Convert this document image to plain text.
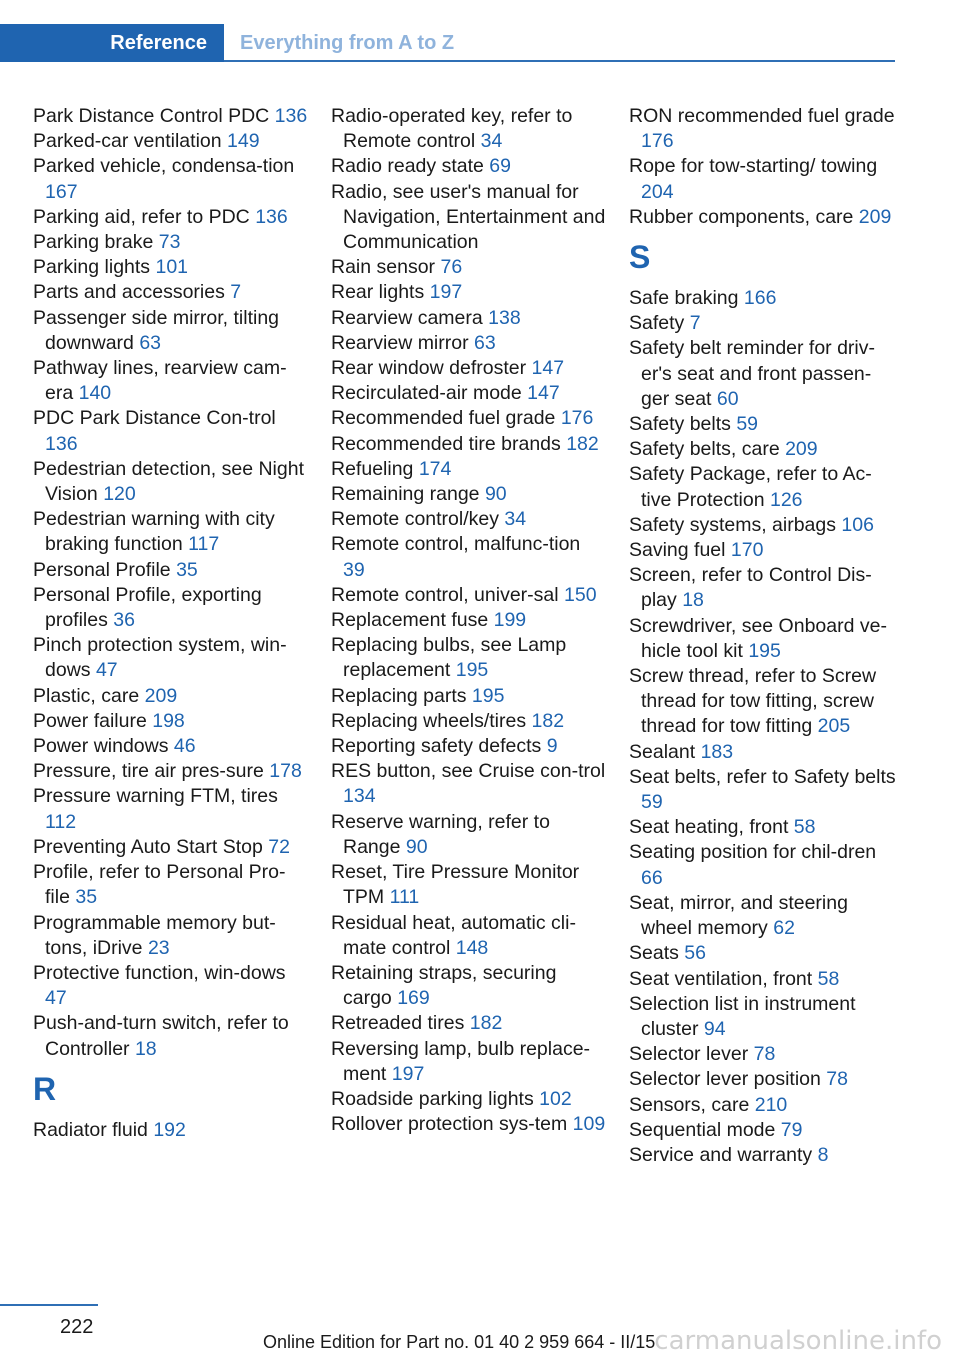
Reference	Everything from A to Z
Park Distance Control PDC 136
Parked-car ventilation 149
Parked vehicle, condensa-tion 167
Parking aid, refer to PDC 136
Parking brake 73
Parking lights 101
Parts and accessories 7
Passenger side mirror, tilting downward 63
Pathway lines, rearview cam-era 140
PDC Park Distance Con-trol 136
Pedestrian detection, see Night Vision 120
Pedestrian warning with city braking function 117
Personal Profile 35
Personal Profile, exporting profiles 36
Pinch protection system, win-dows 47
Plastic, care 209
Power failure 198
Power windows 46
Pressure, tire air pres-sure 178
Pressure warning FTM, tires 112
Preventing Auto Start Stop 72
Profile, refer to Personal Pro-file 35
Programmable memory but-tons, iDrive 23
Protective function, win-dows 47
Push-and-turn switch, refer to Controller 18
R
Radiator fluid 192
Radio-operated key, refer to Remote control 34
Radio ready state 69
Radio, see user's manual for Navigation, Entertainment and Communication
Rain sensor 76
Rear lights 197
Rearview camera 138
Rearview mirror 63
Rear window defroster 147
Recirculated-air mode 147
Recommended fuel grade 176
Recommended tire brands 182
Refueling 174
Remaining range 90
Remote control/key 34
Remote control, malfunc-tion 39
Remote control, univer-sal 150
Replacement fuse 199
Replacing bulbs, see Lamp replacement 195
Replacing parts 195
Replacing wheels/tires 182
Reporting safety defects 9
RES button, see Cruise con-trol 134
Reserve warning, refer to Range 90
Reset, Tire Pressure Monitor TPM 111
Residual heat, automatic cli-mate control 148
Retaining straps, securing cargo 169
Retreaded tires 182
Reversing lamp, bulb replace-ment 197
Roadside parking lights 102
Rollover protection sys-tem 109
RON recommended fuel grade 176
Rope for tow-starting/ towing 204
Rubber components, care 209
S
Safe braking 166
Safety 7
Safety belt reminder for driv-er's seat and front passen-ger seat 60
Safety belts 59
Safety belts, care 209
Safety Package, refer to Ac-tive Protection 126
Safety systems, airbags 106
Saving fuel 170
Screen, refer to Control Dis-play 18
Screwdriver, see Onboard ve-hicle tool kit 195
Screw thread, refer to Screw thread for tow fitting, screw thread for tow fitting 205
Sealant 183
Seat belts, refer to Safety belts 59
Seat heating, front 58
Seating position for chil-dren 66
Seat, mirror, and steering wheel memory 62
Seats 56
Seat ventilation, front 58
Selection list in instrument cluster 94
Selector lever 78
Selector lever position 78
Sensors, care 210
Sequential mode 79
Service and warranty 8
222
Online Edition for Part no. 01 40 2 959 664 - II/15 carmanualsonline.info
